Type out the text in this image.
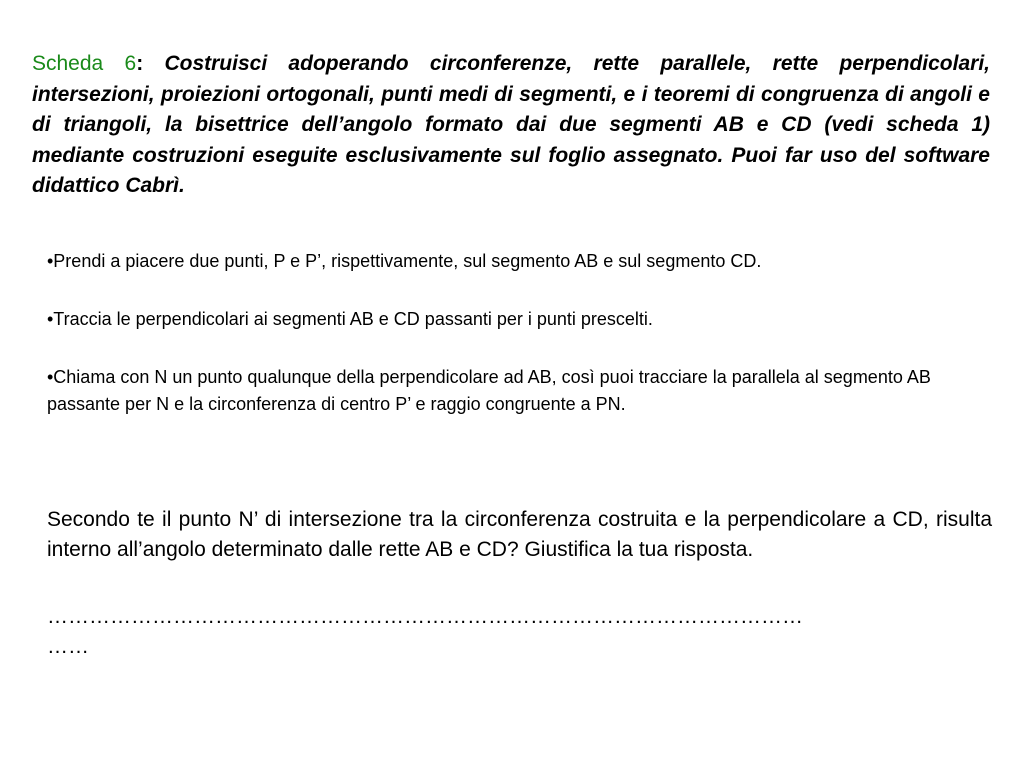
Scheda 6: Costruisci adoperando circonferenze, rette parallele, rette perpendicolari, intersezioni, proiezioni ortogonali, punti medi di segmenti, e i teoremi di congruenza di angoli e di triangoli, la bisettrice dell’angolo formato dai due segmenti AB e CD (vedi scheda 1) mediante costruzioni eseguite esclusivamente sul foglio assegnato. Puoi far uso del software didattico Cabrì.
•Prendi a piacere due punti, P e P’, rispettivamente, sul segmento AB e sul segmento CD.
•Traccia le perpendicolari ai segmenti AB e CD passanti per i punti prescelti.
•Chiama con N un punto qualunque della perpendicolare ad AB, così puoi tracciare la parallela al segmento AB passante per N e la circonferenza di centro P’ e raggio congruente a PN.
Secondo te il punto N’ di intersezione tra la circonferenza costruita e la perpendicolare a CD, risulta interno all’angolo determinato dalle rette AB e CD? Giustifica la tua risposta.
………………………………………………………………………………………………
……
